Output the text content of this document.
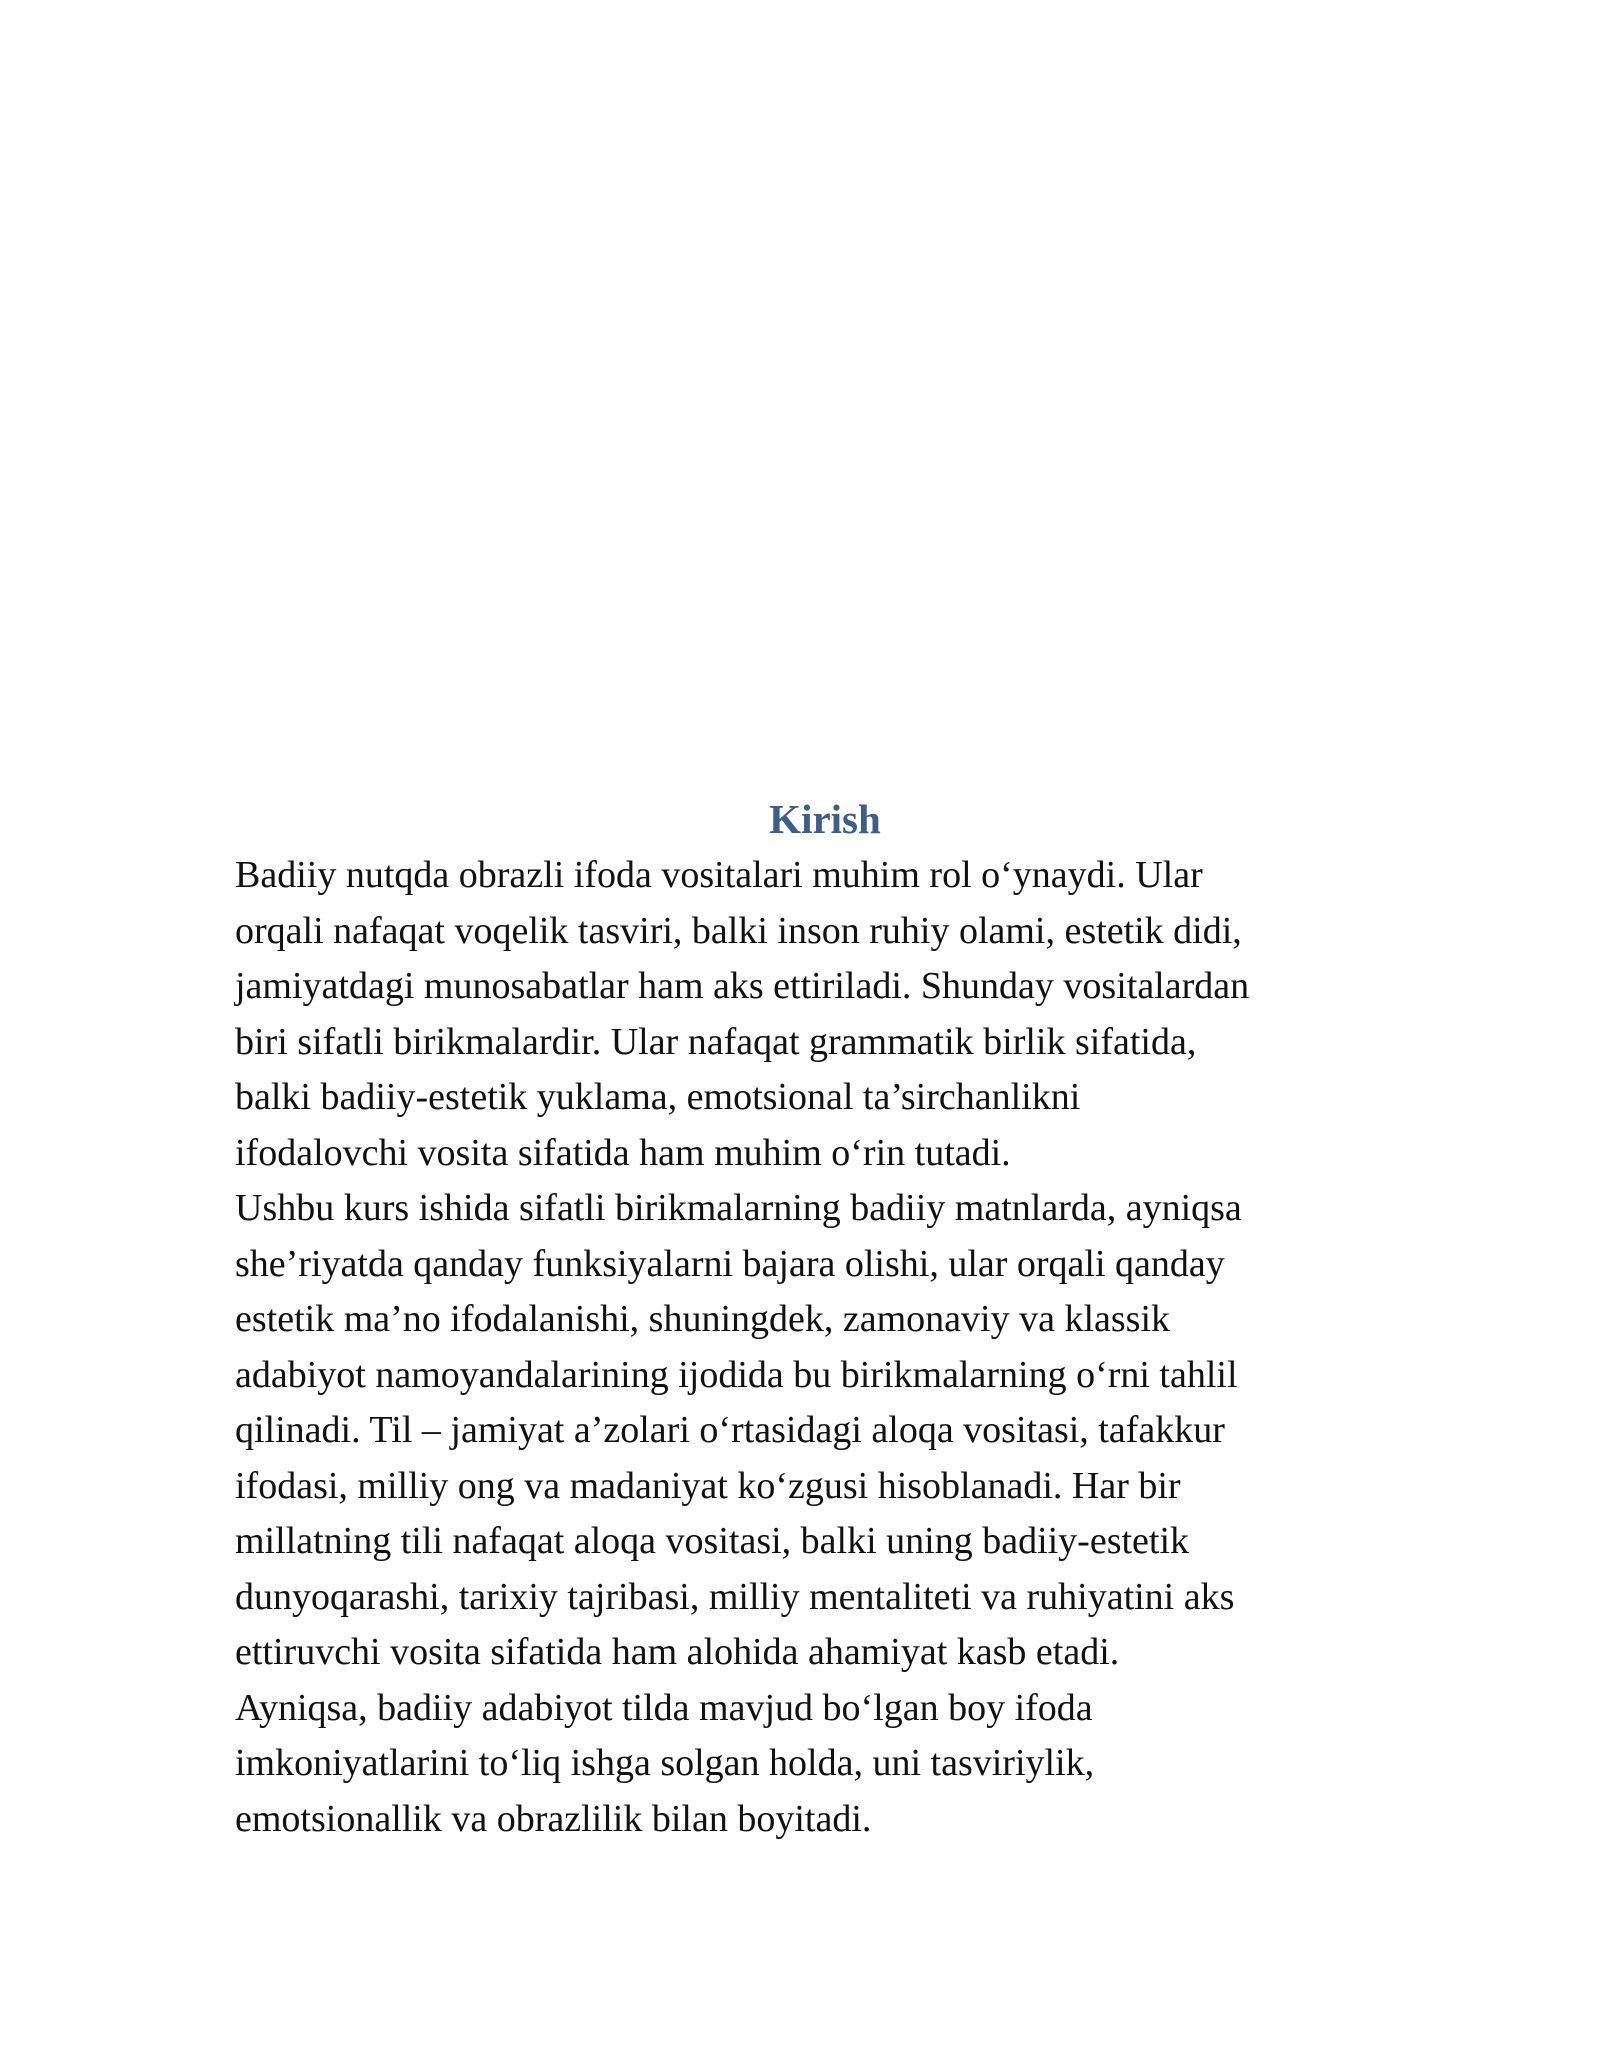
Kirish
Badiiy nutqda obrazli ifoda vositalari muhim rol o‘ynaydi. Ular
orqali nafaqat voqelik tasviri, balki inson ruhiy olami, estetik didi,
jamiyatdagi munosabatlar ham aks ettiriladi. Shunday vositalardan
biri sifatli birikmalardir. Ular nafaqat grammatik birlik sifatida,
balki badiiy-estetik yuklama, emotsional ta’sirchanlikni
ifodalovchi vosita sifatida ham muhim o‘rin tutadi.
Ushbu kurs ishida sifatli birikmalarning badiiy matnlarda, ayniqsa
she’riyatda qanday funksiyalarni bajara olishi, ular orqali qanday
estetik ma’no ifodalanishi, shuningdek, zamonaviy va klassik
adabiyot namoyandalarining ijodida bu birikmalarning o‘rni tahlil
qilinadi. Til – jamiyat a’zolari o‘rtasidagi aloqa vositasi, tafakkur
ifodasi, milliy ong va madaniyat ko‘zgusi hisoblanadi. Har bir
millatning tili nafaqat aloqa vositasi, balki uning badiiy-estetik
dunyoqarashi, tarixiy tajribasi, milliy mentaliteti va ruhiyatini aks
ettiruvchi vosita sifatida ham alohida ahamiyat kasb etadi.
Ayniqsa, badiiy adabiyot tilda mavjud bo‘lgan boy ifoda
imkoniyatlarini to‘liq ishga solgan holda, uni tasviriylik,
emotsionallik va obrazlilik bilan boyitadi.
